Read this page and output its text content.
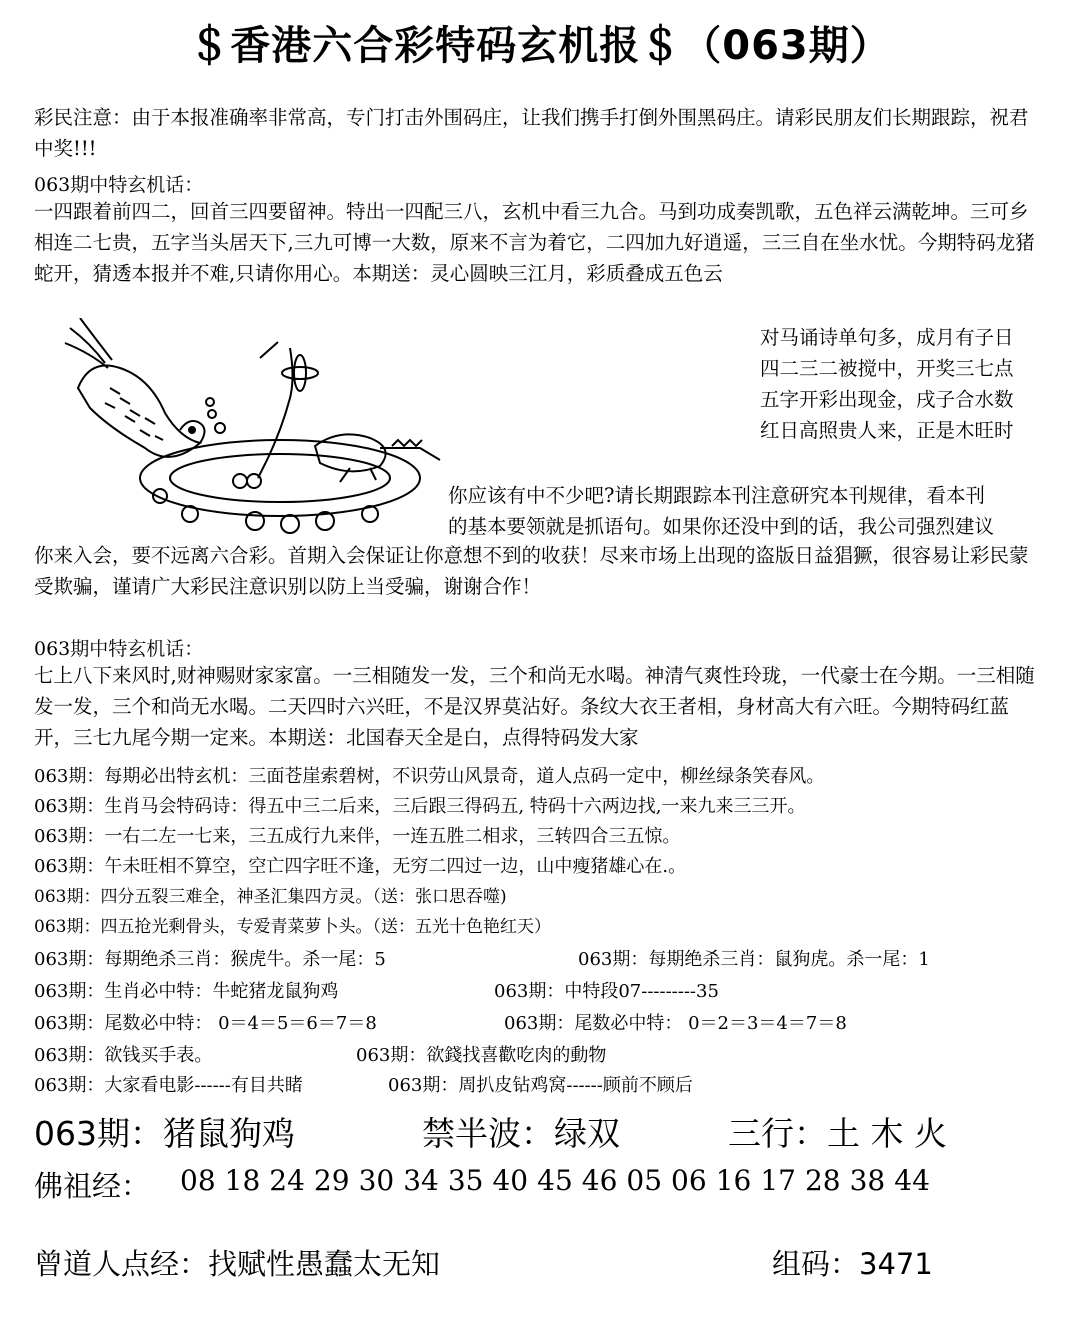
＄香港六合彩特码玄机报＄（063期）
彩民注意：由于本报准确率非常高，专门打击外围码庄，让我们携手打倒外围黑码庄。请彩民朋友们长期跟踪，祝君中奖!!!
063期中特玄机话：
一四跟着前四二，回首三四要留神。特出一四配三八，玄机中看三九合。马到功成奏凯歌，五色祥云满乾坤。三可乡相连二七贵，五字当头居天下,三九可博一大数，原来不言为着它，二四加九好逍遥，三三自在坐水忧。今期特码龙猪蛇开，猜透本报并不难,只请你用心。本期送：灵心圆映三江月，彩质叠成五色云
对马诵诗单句多，成月有子日
四二三二被搅中，开奖三七点
五字开彩出现金，戌子合水数
红日高照贵人来，正是木旺时
你应该有中不少吧?请长期跟踪本刊注意研究本刊规律，看本刊
的基本要领就是抓语句。如果你还没中到的话，我公司强烈建议
你来入会，要不远离六合彩。首期入会保证让你意想不到的收获！尽来市场上出现的盗版日益猖獗，很容易让彩民蒙受欺骗，谨请广大彩民注意识别以防上当受骗，谢谢合作！
063期中特玄机话：
七上八下来风时,财神赐财家家富。一三相随发一发，三个和尚无水喝。神清气爽性玲珑，一代豪士在今期。一三相随发一发，三个和尚无水喝。二天四时六兴旺，不是汉界莫沾好。条纹大衣王者相，身材高大有六旺。今期特码红蓝开，三七九尾今期一定来。本期送：北国春天全是白，点得特码发大家
063期：每期必出特玄机：三面苍崖索碧树，不识劳山风景奇，道人点码一定中，柳丝绿条笑春风。
063期：生肖马会特码诗：得五中三二后来，三后跟三得码五, 特码十六两边找,一来九来三三开。
063期：一右二左一七来，三五成行九来伴，一连五胜二相求，三转四合三五惊。
063期：午未旺相不算空，空亡四字旺不逢，无穷二四过一边，山中瘦猪雄心在.。
063期：四分五裂三难全，神圣汇集四方灵。（送：张口思吞噬)
063期：四五抢光剩骨头，专爱青菜萝卜头。（送：五光十色艳红天）
063期：每期绝杀三肖：猴虎牛。杀一尾：5	063期：每期绝杀三肖：鼠狗虎。杀一尾：1
063期：生肖必中特：牛蛇猪龙鼠狗鸡	063期：中特段07---------35
063期：尾数必中特： 0＝4＝5＝6＝7＝8	063期：尾数必中特： 0＝2＝3＝4＝7＝8
063期：欲钱买手表。	063期：欲錢找喜歡吃肉的動物
063期：大家看电影------有目共睹	063期：周扒皮钻鸡窝------顾前不顾后
063期：猪鼠狗鸡	禁半波：绿双	三行：土 木 火
佛祖经： 08 18 24 29 30 34 35 40 45 46 05 06 16 17 28 38 44
曾道人点经：找赋性愚蠢太无知	组码：3471
